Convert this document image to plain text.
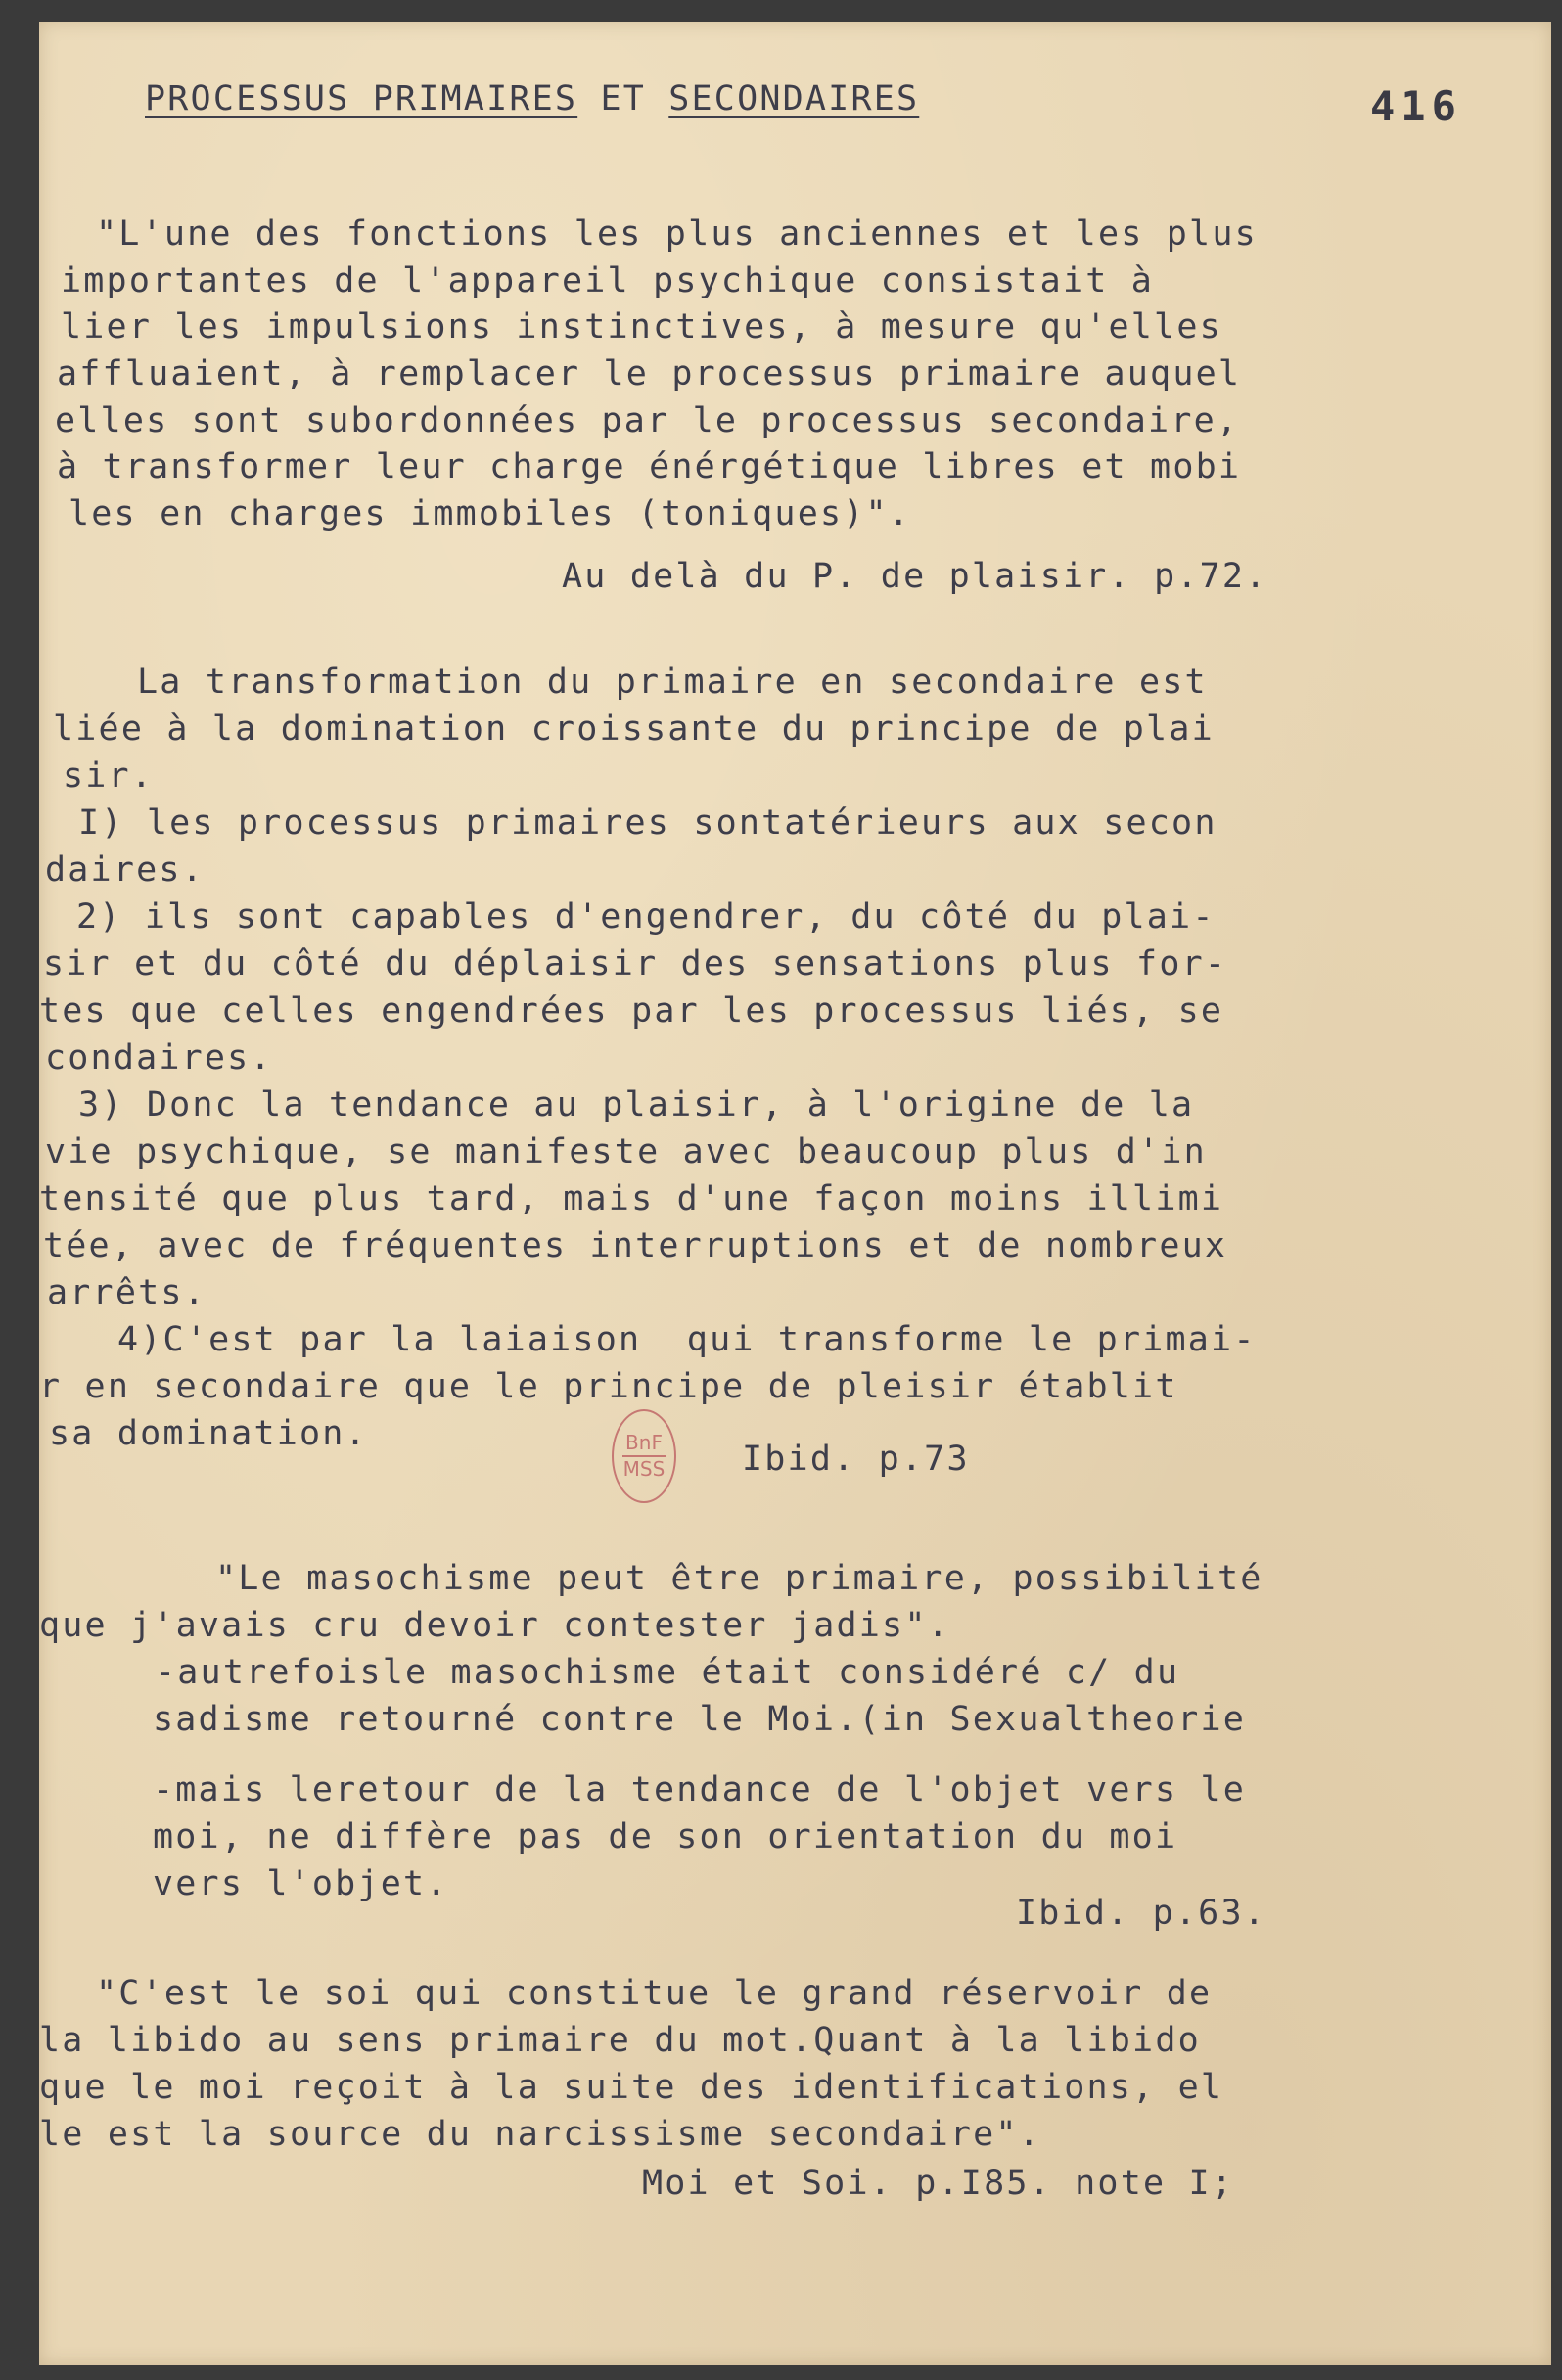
PROCESSUS PRIMAIRES ET SECONDAIRES	416
"L'une des fonctions les plus anciennes et les plus
importantes de l'appareil psychique consistait à
lier les impulsions instinctives, à mesure qu'elles
affluaient, à remplacer le processus primaire auquel
elles sont subordonnées par le processus secondaire,
à transformer leur charge énérgétique libres et mobi
les en charges immobiles (toniques)".
Au delà du P. de plaisir. p.72.
La transformation du primaire en secondaire est
liée à la domination croissante du principe de plai
sir.
I) les processus primaires sontatérieurs aux secon
daires.
2) ils sont capables d'engendrer, du côté du plai-
sir et du côté du déplaisir des sensations plus for-
tes que celles engendrées par les processus liés, se
condaires.
3) Donc la tendance au plaisir, à l'origine de la
vie psychique, se manifeste avec beaucoup plus d'in
tensité que plus tard, mais d'une façon moins illimi
tée, avec de fréquentes interruptions et de nombreux
arrêts.
4)C'est par la laiaison  qui transforme le primai-
r en secondaire que le principe de pleisir établit
sa domination.	BnF
MSS Ibid. p.73
"Le masochisme peut être primaire, possibilité
que j'avais cru devoir contester jadis".
-autrefoisle masochisme était considéré c/ du
sadisme retourné contre le Moi.(in Sexualtheorie
-mais leretour de la tendance de l'objet vers le
moi, ne diffère pas de son orientation du moi
vers l'objet.
Ibid. p.63.
"C'est le soi qui constitue le grand réservoir de
la libido au sens primaire du mot.Quant à la libido
que le moi reçoit à la suite des identifications, el
le est la source du narcissisme secondaire".
Moi et Soi. p.I85. note I;
